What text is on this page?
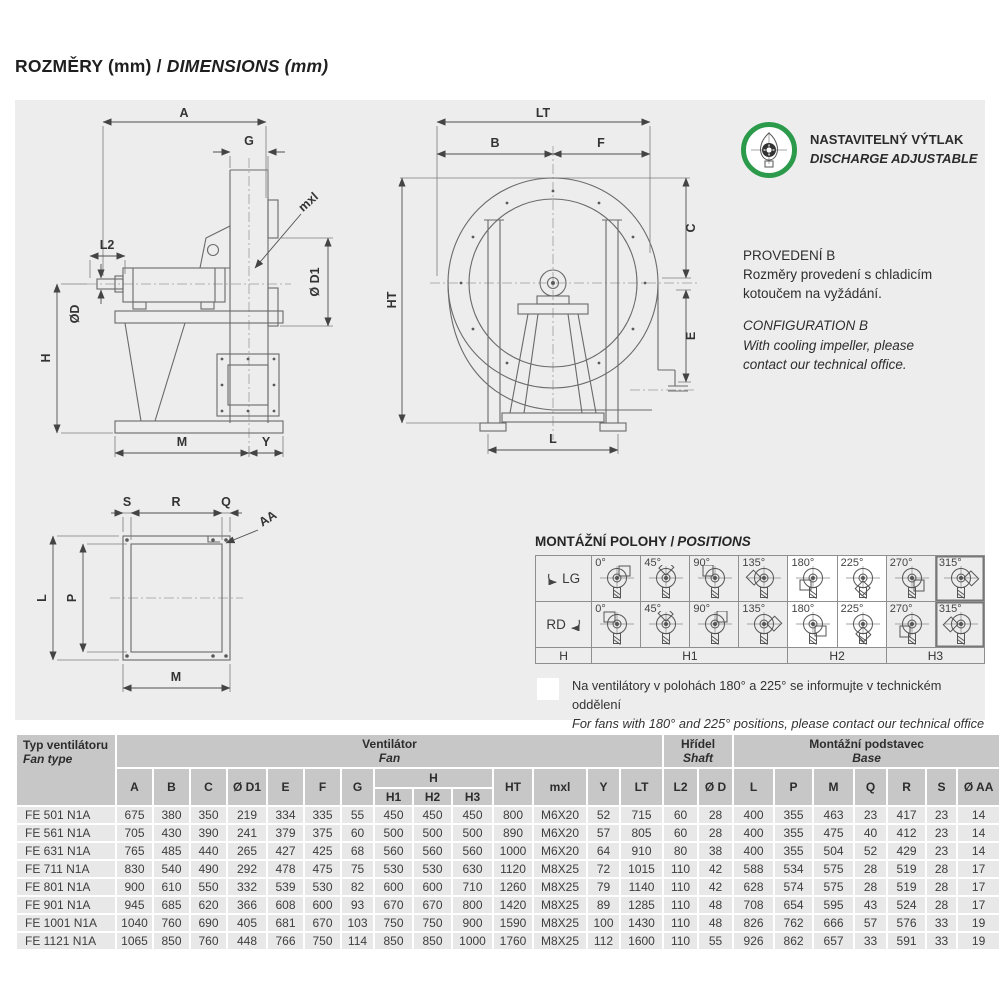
ROZMĚRY (mm) / DIMENSIONS (mm)
A
G
L2
mxl
Ø D1
ØD
H
M	Y
LT
B	F
C
E
HT
L
S	R	Q
AA
L P
M
NASTAVITELNÝ VÝTLAK
DISCHARGE ADJUSTABLE
PROVEDENÍ B
Rozměry provedení s chladicím
kotoučem na vyžádání.
CONFIGURATION B
With cooling impeller, please
contact our technical office.
MONTÁŽNÍ POLOHY / POSITIONS
LG	0°	45°	90°	135°	180°	225°	270°	315°

RD	0°	45°	90°	135°	180°	225°	270°	315°

H	H1				H2		H3	
Na ventilátory v polohách 180° a 225° se informujte v technickém oddělení
For fans with 180° and 225° positions, please contact our technical office
Typ ventilátoru
Fan type

Ventilátor
Fan

Hřídel
Shaft

Montážní podstavec
Base

	A	B	C	Ø D1	E	F	G	H			HT	mxl	Y	LT	L2	Ø D	L	P	M	Q	R	S	Ø AA
								H1	H2	H3													
FE 501 N1A	675	380	350	219	334	335	55	450	450	450	800	M6X20	52	715	60	28	400	355	463	23	417	23	14
FE 561 N1A	705	430	390	241	379	375	60	500	500	500	890	M6X20	57	805	60	28	400	355	475	40	412	23	14
FE 631 N1A	765	485	440	265	427	425	68	560	560	560	1000	M6X20	64	910	80	38	400	355	504	52	429	23	14
FE 711 N1A	830	540	490	292	478	475	75	530	530	630	1120	M8X25	72	1015	110	42	588	534	575	28	519	28	17
FE 801 N1A	900	610	550	332	539	530	82	600	600	710	1260	M8X25	79	1140	110	42	628	574	575	28	519	28	17
FE 901 N1A	945	685	620	366	608	600	93	670	670	800	1420	M8X25	89	1285	110	48	708	654	595	43	524	28	17
FE 1001 N1A	1040	760	690	405	681	670	103	750	750	900	1590	M8X25	100	1430	110	48	826	762	666	57	576	33	19
FE 1121 N1A	1065	850	760	448	766	750	114	850	850	1000	1760	M8X25	112	1600	110	55	926	862	657	33	591	33	19
